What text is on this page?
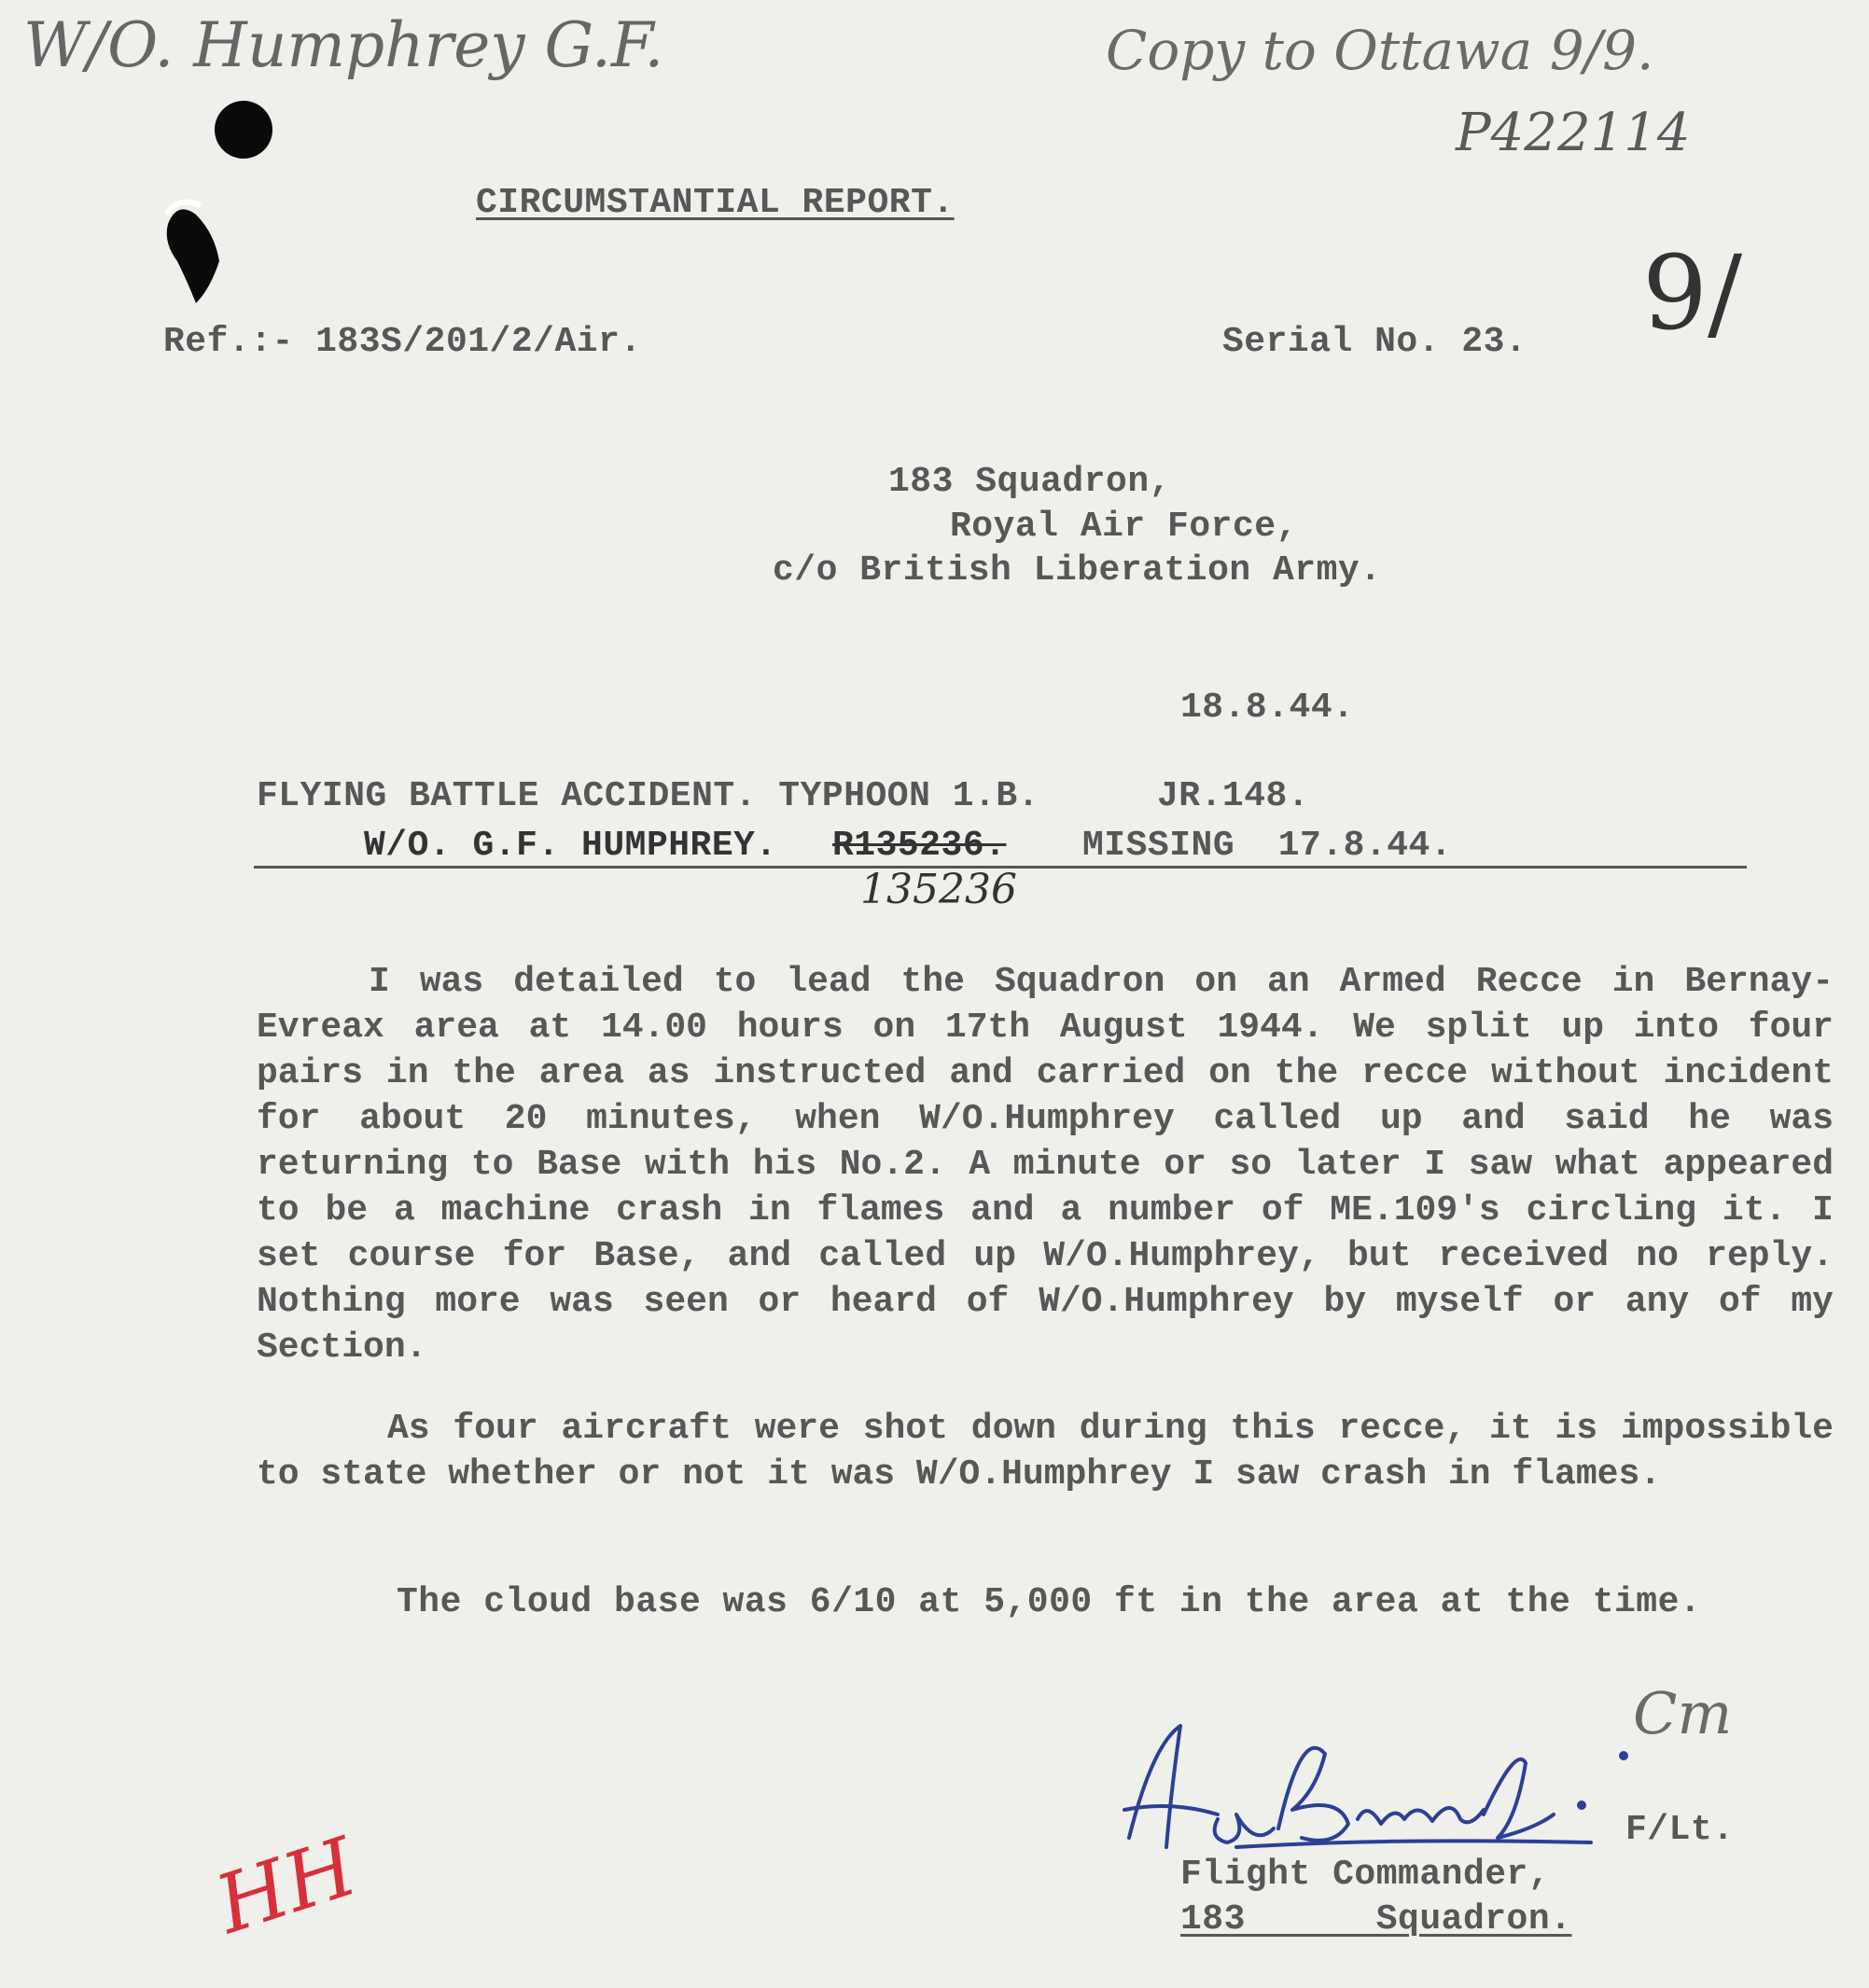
W/O. Humphrey G.F.	Copy to Ottawa 9/9.
P422114
9/
CIRCUMSTANTIAL REPORT.
Ref.:- 183S/201/2/Air.	Serial No. 23.
183 Squadron,
Royal Air Force,
c/o British Liberation Army.
18.8.44.
FLYING BATTLE ACCIDENT. TYPHOON 1.B.	JR.148.
W/O. G.F. HUMPHREY. R135236. MISSING  17.8.44.
135236
I was detailed to lead the Squadron on an Armed Recce in Bernay-Evreax area at 14.00 hours on 17th August 1944. We split up into four pairs in the area as instructed and carried on the recce without incident for about 20 minutes, when W/O.Humphrey called up and said he was returning to Base with his No.2. A minute or so later I saw what appeared to be a machine crash in flames and a number of ME.109's circling it. I set course for Base, and called up W/O.Humphrey, but received no reply. Nothing more was seen or heard of W/O.Humphrey by myself or any of my Section.
As four aircraft were shot down during this recce, it is impossible to state whether or not it was W/O.Humphrey I saw crash in flames.
The cloud base was 6/10 at 5,000 ft in the area at the time.
Cm
F/Lt.
Flight Commander,
183      Squadron.
HH
